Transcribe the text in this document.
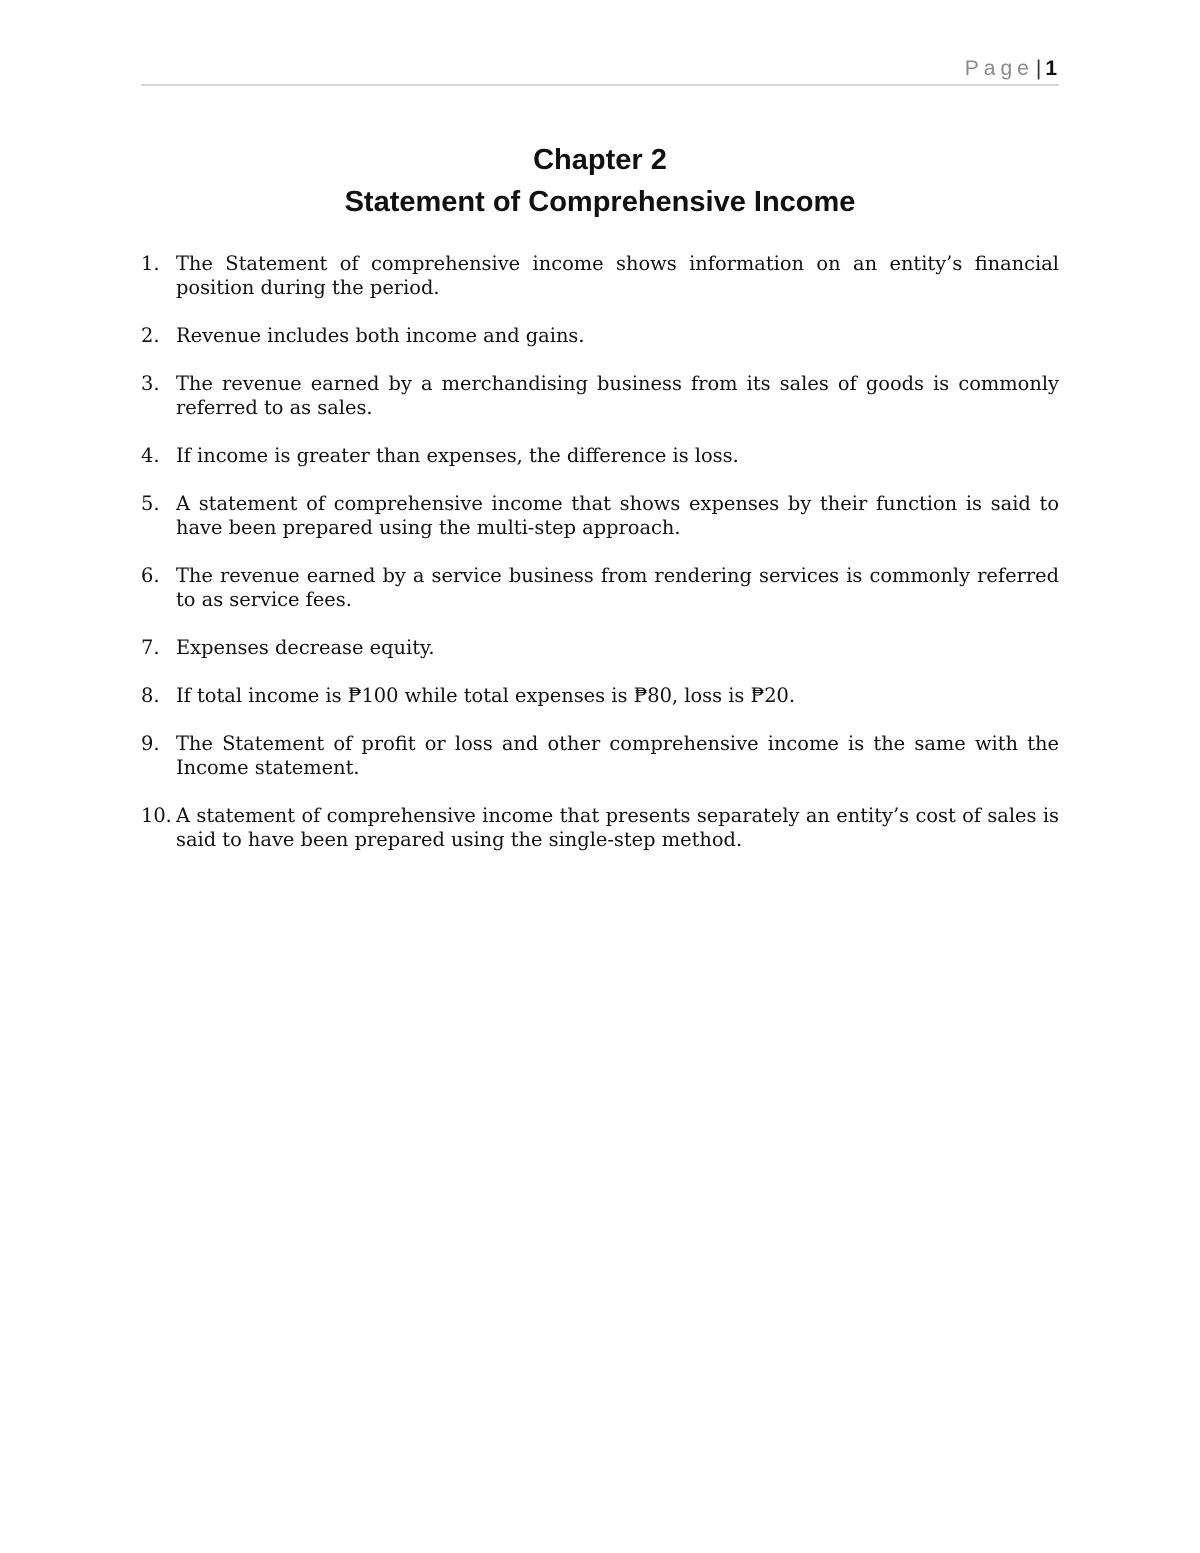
Page| 1
Chapter 2
Statement of Comprehensive Income
1. The Statement of comprehensive income shows information on an entity’s financial position during the period.
2. Revenue includes both income and gains.
3. The revenue earned by a merchandising business from its sales of goods is commonly referred to as sales.
4. If income is greater than expenses, the difference is loss.
5. A statement of comprehensive income that shows expenses by their function is said to have been prepared using the multi-step approach.
6. The revenue earned by a service business from rendering services is commonly referred to as service fees.
7. Expenses decrease equity.
8. If total income is ₱100 while total expenses is ₱80, loss is ₱20.
9. The Statement of profit or loss and other comprehensive income is the same with the Income statement.
10. A statement of comprehensive income that presents separately an entity’s cost of sales is said to have been prepared using the single-step method.
